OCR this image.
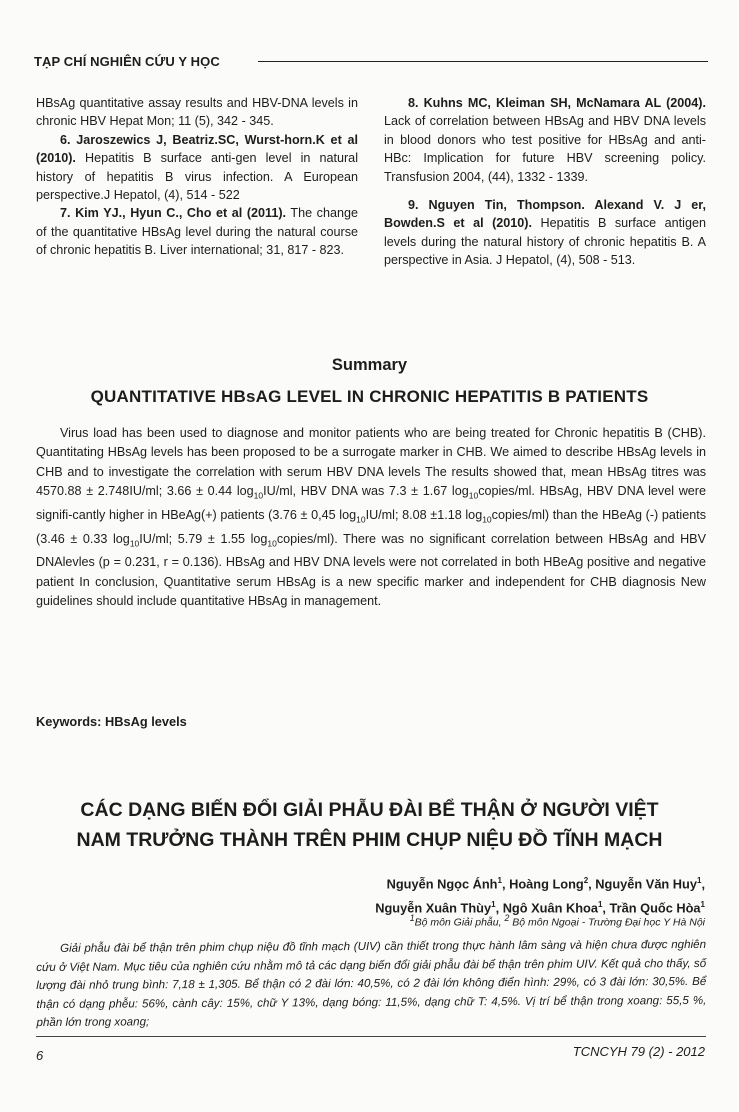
TẠP CHÍ NGHIÊN CỨU Y HỌC

HBsAg quantitative assay results and HBV-DNA levels in chronic HBV Hepat Mon; 11 (5), 342 - 345.

6. Jaroszewics J, Beatriz.SC, Wurst-horn.K et al (2010). Hepatitis B surface anti-gen level in natural history of hepatitis B virus infection. A European perspective.J Hepatol, (4), 514 - 522

7. Kim YJ., Hyun C., Cho et al (2011). The change of the quantitative HBsAg level during the natural course of chronic hepatitis B. Liver international; 31, 817 - 823.

8. Kuhns MC, Kleiman SH, McNamara AL (2004). Lack of correlation between HBsAg and HBV DNA levels in blood donors who test positive for HBsAg and anti-HBc: Implication for future HBV screening policy. Transfusion 2004, (44), 1332 - 1339.

9. Nguyen Tin, Thompson. Alexand V. J er, Bowden.S et al (2010). Hepatitis B surface antigen levels during the natural history of chronic hepatitis B. A perspective in Asia. J Hepatol, (4), 508 - 513.

Summary
QUANTITATIVE HBsAG LEVEL IN CHRONIC HEPATITIS B PATIENTS

Virus load has been used to diagnose and monitor patients who are being treated for Chronic hepatitis B (CHB). Quantitating HBsAg levels has been proposed to be a surrogate marker in CHB. We aimed to describe HBsAg levels in CHB and to investigate the correlation with serum HBV DNA levels The results showed that, mean HBsAg titres was 4570.88 ± 2.748IU/ml; 3.66 ± 0.44 $\log_{10}IU/ml$, HBV DNA was 7.3 ± 1.67 $\log_{10}copies/ml$. HBsAg, HBV DNA level were signifi-cantly higher in HBeAg(+) patients (3.76 ± 0,45 $\log_{10}IU/ml$; 8.08 ±1.18 $\log_{10}copies/ml$) than the HBeAg (-) patients (3.46 ± 0.33 $\log_{10}IU/ml$; 5.79 ± 1.55 $\log_{10}copies/ml$). There was no significant correlation between HBsAg and HBV DNAlevles (p = 0.231, r = 0.136). HBsAg and HBV DNA levels were not correlated in both HBeAg positive and negative patient In conclusion, Quantitative serum HBsAg is a new specific marker and independent for CHB diagnosis New guidelines should include quantitative HBsAg in management.

Keywords: HBsAg levels
CÁC DẠNG BIẾN ĐỔI GIẢI PHẪU ĐÀI BỂ THẬN Ở NGƯỜI VIỆT
NAM TRƯỞNG THÀNH TRÊN PHIM CHỤP NIỆU ĐỒ TĨNH MẠCH
Nguyễn Ngọc Ánh$^1$, Hoàng Long$^2$, Nguyễn Văn Huy$^1$,
Nguyễn Xuân Thùy$^1$, Ngô Xuân Khoa$^1$, Trần Quốc Hòa$^1$
$^1$Bộ môn Giải phẫu, $^2$ Bộ môn Ngoại - Trường Đại học Y Hà Nội

Giải phẫu đài bể thận trên phim chụp niệu đồ tĩnh mạch (UIV) cần thiết trong thực hành lâm sàng và hiện chưa được nghiên cứu ở Việt Nam. Mục tiêu của nghiên cứu nhằm mô tả các dạng biến đổi giải phẫu đài bể thận trên phim UIV. Kết quả cho thấy, số lượng đài nhỏ trung bình: 7,18 ± 1,305. Bể thận có 2 đài lớn: 40,5%, có 2 đài lớn không điển hình: 29%, có 3 đài lớn: 30,5%. Bể thận có dạng phễu: 56%, cành cây: 15%, chữ Y 13%, dạng bóng: 11,5%, dạng chữ T: 4,5%. Vị trí bể thận trong xoang: 55,5 %, phần lớn trong xoang;

6	TCNCYH 79 (2) - 2012
